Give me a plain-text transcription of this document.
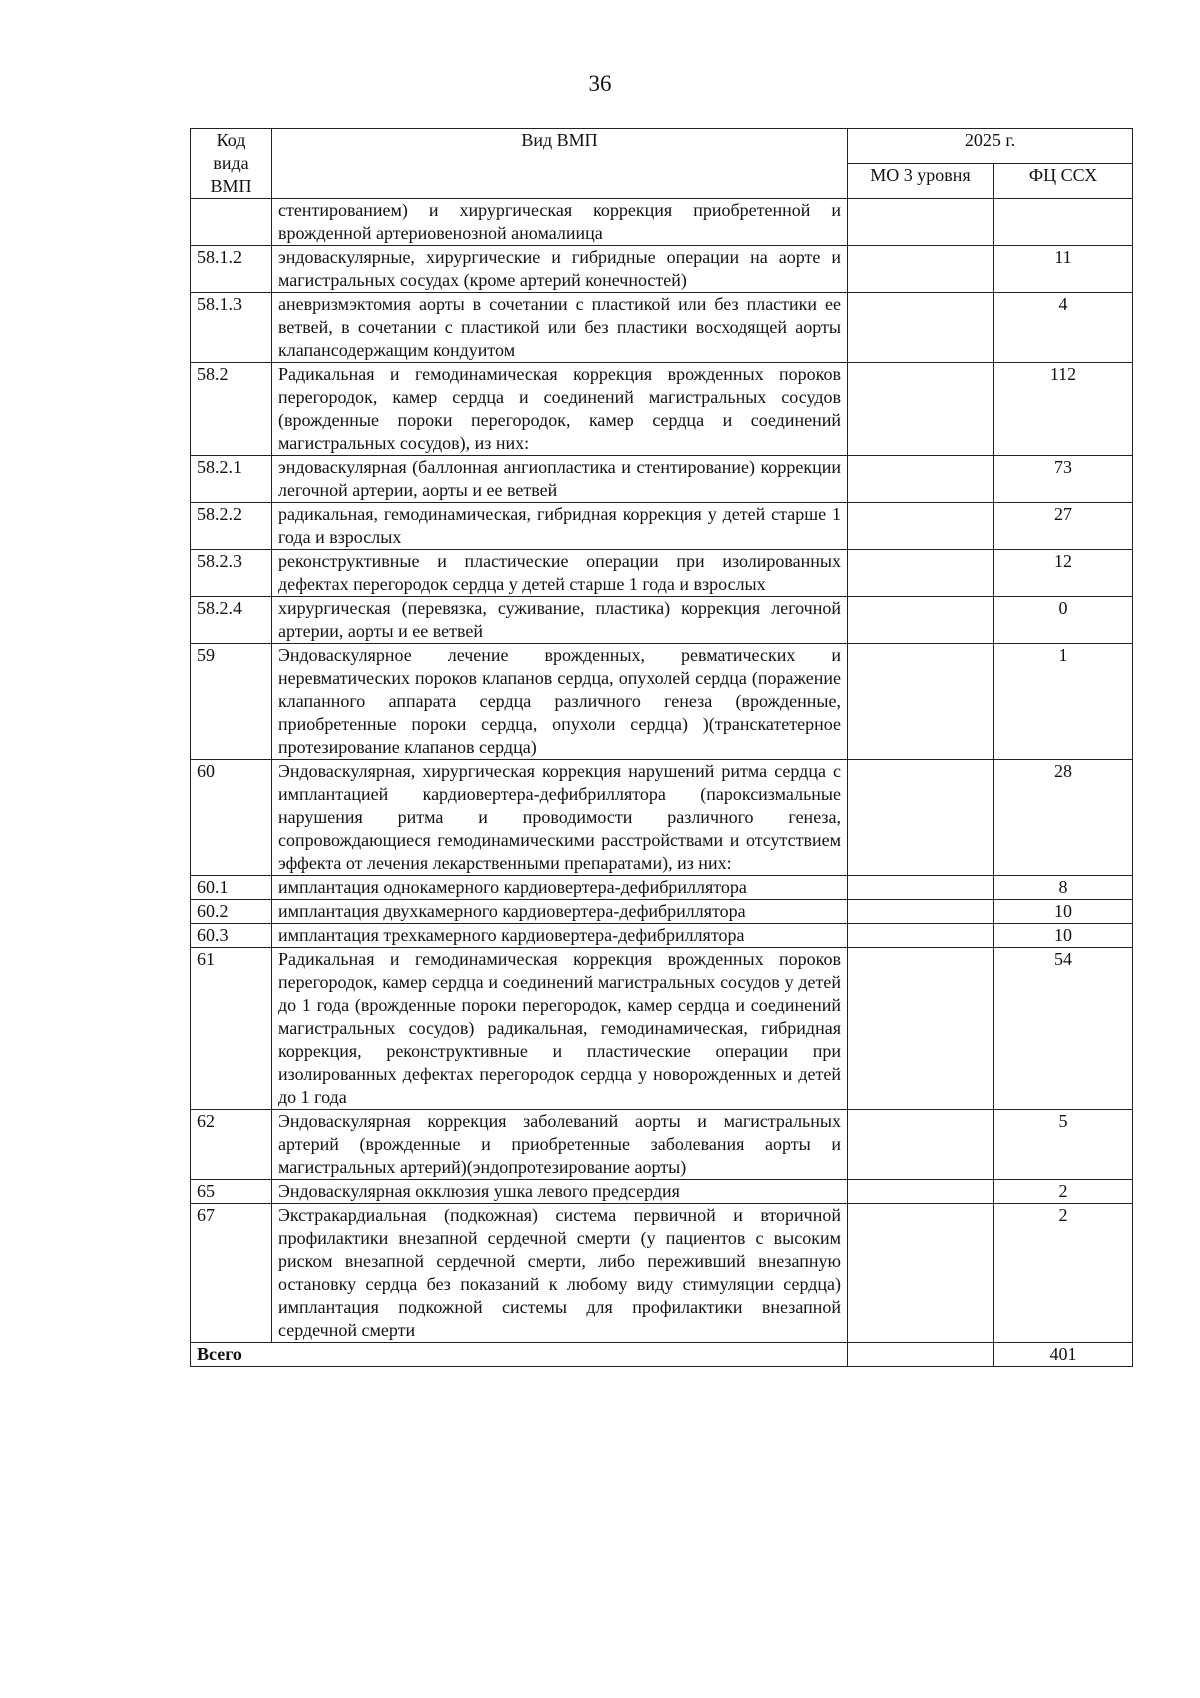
36
Код вида ВМП	Вид ВМП	2025 г.	
		МО 3 уровня	ФЦ ССХ
	стентированием) и хирургическая коррекция приобретенной и врожденной артериовенозной аномалиица		
58.1.2	эндоваскулярные, хирургические и гибридные операции на аорте и магистральных сосудах (кроме артерий конечностей)		11
58.1.3	аневризмэктомия аорты в сочетании с пластикой или без пластики ее ветвей, в сочетании с пластикой или без пластики восходящей аорты клапансодержащим кондуитом		4
58.2	Радикальная и гемодинамическая коррекция врожденных пороков перегородок, камер сердца и соединений магистральных сосудов (врожденные пороки перегородок, камер сердца и соединений магистральных сосудов), из них:		112
58.2.1	эндоваскулярная (баллонная ангиопластика и стентирование) коррекции легочной артерии, аорты и ее ветвей		73
58.2.2	радикальная, гемодинамическая, гибридная коррекция у детей старше 1 года и взрослых		27
58.2.3	реконструктивные и пластические операции при изолированных дефектах перегородок сердца у детей старше 1 года и взрослых		12
58.2.4	хирургическая (перевязка, суживание, пластика) коррекция легочной артерии, аорты и ее ветвей		0
59	Эндоваскулярное лечение врожденных, ревматических и неревматических пороков клапанов сердца, опухолей сердца (поражение клапанного аппарата сердца различного генеза (врожденные, приобретенные пороки сердца, опухоли сердца) )(транскатетерное протезирование клапанов сердца)		1
60	Эндоваскулярная, хирургическая коррекция нарушений ритма сердца с имплантацией кардиовертера-дефибриллятора (пароксизмальные нарушения ритма и проводимости различного генеза, сопровождающиеся гемодинамическими расстройствами и отсутствием эффекта от лечения лекарственными препаратами), из них:		28
60.1	имплантация однокамерного кардиовертера-дефибриллятора		8
60.2	имплантация двухкамерного кардиовертера-дефибриллятора		10
60.3	имплантация трехкамерного кардиовертера-дефибриллятора		10
61	Радикальная и гемодинамическая коррекция врожденных пороков перегородок, камер сердца и соединений магистральных сосудов у детей до 1 года (врожденные пороки перегородок, камер сердца и соединений магистральных сосудов) радикальная, гемодинамическая, гибридная коррекция, реконструктивные и пластические операции при изолированных дефектах перегородок сердца у новорожденных и детей до 1 года		54
62	Эндоваскулярная коррекция заболеваний аорты и магистральных артерий (врожденные и приобретенные заболевания аорты и магистральных артерий)(эндопротезирование аорты)		5
65	Эндоваскулярная окклюзия ушка левого предсердия		2
67	Экстракардиальная (подкожная) система первичной и вторичной профилактики внезапной сердечной смерти (у пациентов с высоким риском внезапной сердечной смерти, либо переживший внезапную остановку сердца без показаний к любому виду стимуляции сердца) имплантация подкожной системы для профилактики внезапной сердечной смерти		2
Всего			401
